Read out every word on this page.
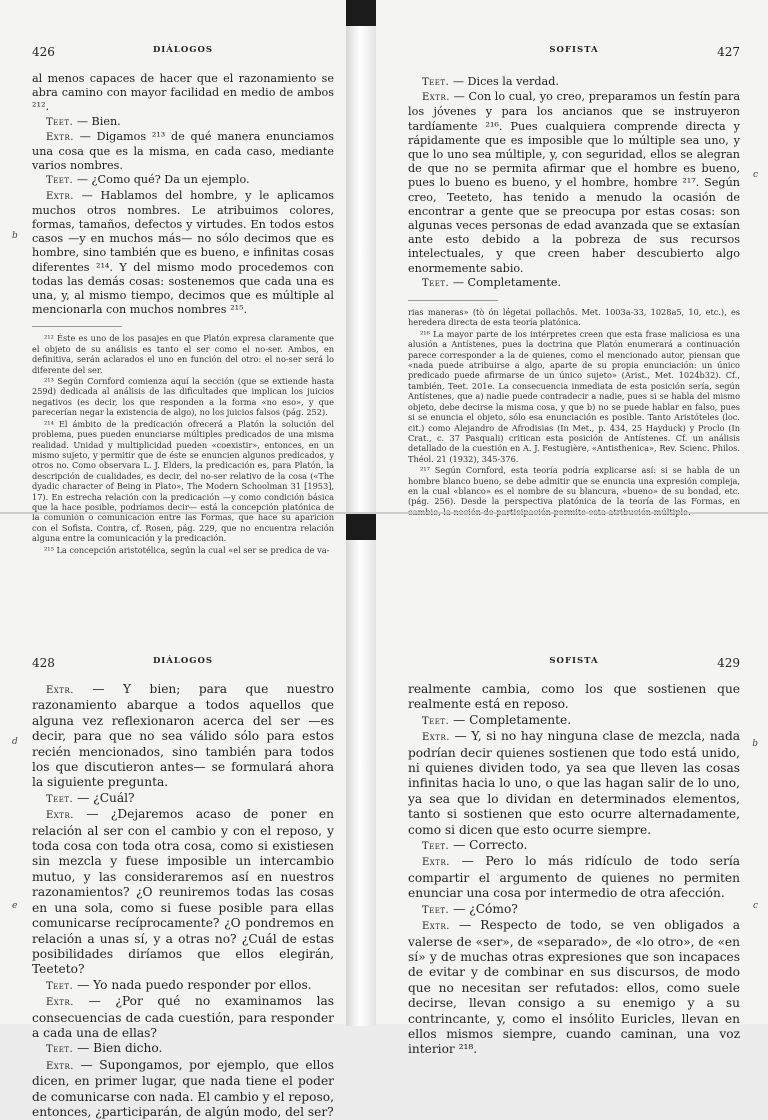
426	DIÁLOGOS

al menos capaces de hacer que el razonamiento se abra camino con mayor facilidad en medio de ambos ²¹².

Teet. — Bien.

Extr. — Digamos ²¹³ de qué manera enunciamos una cosa que es la misma, en cada caso, mediante varios nombres.

Teet. — ¿Como qué? Da un ejemplo.

Extr. — Hablamos del hombre, y le aplicamos muchos otros nombres. Le atribuimos colores, formas, tamaños, defectos y virtudes. En todos estos casos —y en muchos más— no sólo decimos que es hombre, sino también que es bueno, e infinitas cosas diferentes ²¹⁴. Y del mismo modo procedemos con todas las demás cosas: sostenemos que cada una es una, y, al mismo tiempo, decimos que es múltiple al mencionarla con muchos nombres ²¹⁵.

²¹² Éste es uno de los pasajes en que Platón expresa claramente que el objeto de su análisis es tanto el ser como el no-ser. Ambos, en definitiva, serán aclarados el uno en función del otro: el no-ser será lo diferente del ser.

²¹³ Según Cornford comienza aquí la sección (que se extiende hasta 259d) dedicada al análisis de las dificultades que implican los juicios negativos (es decir, los que responden a la forma «no eso», y que parecerían negar la existencia de algo), no los juicios falsos (pág. 252).

²¹⁴ El ámbito de la predicación ofrecerá a Platón la solución del problema, pues pueden enunciarse múltiples predicados de una misma realidad. Unidad y multiplicidad pueden «coexistir», entonces, en un mismo sujeto, y permitir que de éste se enuncien algunos predicados, y otros no. Como observara L. J. Elders, la predicación es, para Platón, la descripción de cualidades, es decir, del no-ser relativo de la cosa («The dyadic character of Being in Plato», The Modern Schoolman 31 [1953], 17). En estrecha relación con la predicación —y como condición básica que la hace posible, podríamos decir— está la concepción platónica de la comunión o comunicación entre las Formas, que hace su aparición con el Sofista. Contra, cf. Rosen, pág. 229, que no encuentra relación alguna entre la comunicación y la predicación.

²¹⁵ La concepción aristotélica, según la cual «el ser se predica de va-

b
SOFISTA	427

Teet. — Dices la verdad.

Extr. — Con lo cual, yo creo, preparamos un festín para los jóvenes y para los ancianos que se instruyeron tardíamente ²¹⁶. Pues cualquiera comprende directa y rápidamente que es imposible que lo múltiple sea uno, y que lo uno sea múltiple, y, con seguridad, ellos se alegran de que no se permita afirmar que el hombre es bueno, pues lo bueno es bueno, y el hombre, hombre ²¹⁷. Según creo, Teeteto, has tenido a menudo la ocasión de encontrar a gente que se preocupa por estas cosas: son algunas veces personas de edad avanzada que se extasían ante esto debido a la pobreza de sus recursos intelectuales, y que creen haber descubierto algo enormemente sabio.

Teet. — Completamente.

rias maneras» (tò ón légetai pollachôs. Met. 1003a-33, 1028a5, 10, etc.), es heredera directa de esta teoría platónica.

²¹⁶ La mayor parte de los intérpretes creen que esta frase maliciosa es una alusión a Antístenes, pues la doctrina que Platón enumerará a continuación parece corresponder a la de quienes, como el mencionado autor, piensan que «nada puede atribuirse a algo, aparte de su propia enunciación: un único predicado puede afirmarse de un único sujeto» (Arist., Met. 1024b32). Cf., también, Teet. 201e. La consecuencia inmediata de esta posición sería, según Antístenes, que a) nadie puede contradecir a nadie, pues si se habla del mismo objeto, debe decirse la misma cosa, y que b) no se puede hablar en falso, pues si se enuncia el objeto, sólo esa enunciación es posible. Tanto Aristóteles (loc. cit.) como Alejandro de Afrodisias (In Met., p. 434, 25 Hayduck) y Proclo (In Crat., c. 37 Pasquali) critican esta posición de Antístenes. Cf. un análisis detallado de la cuestión en A. J. Festugière, «Antisthenica», Rev. Scienc. Philos. Théol. 21 (1932), 345-376.

²¹⁷ Según Cornford, esta teoría podría explicarse así: si se habla de un hombre blanco bueno, se debe admitir que se enuncia una expresión compleja, en la cual «blanco» es el nombre de su blancura, «bueno» de su bondad, etc. (pág. 256). Desde la perspectiva platónica de la teoría de las Formas, en cambio, la noción de participación permite esta atribución múltiple.

c
428	DIÁLOGOS

Extr. — Y bien; para que nuestro razonamiento abarque a todos aquellos que alguna vez reflexionaron acerca del ser —es decir, para que no sea válido sólo para estos recién mencionados, sino también para todos los que discutieron antes— se formulará ahora la siguiente pregunta.

Teet. — ¿Cuál?

Extr. — ¿Dejaremos acaso de poner en relación al ser con el cambio y con el reposo, y toda cosa con toda otra cosa, como si existiesen sin mezcla y fuese imposible un intercambio mutuo, y las consideraremos así en nuestros razonamientos? ¿O reuniremos todas las cosas en una sola, como si fuese posible para ellas comunicarse recíprocamente? ¿O pondremos en relación a unas sí, y a otras no? ¿Cuál de estas posibilidades diríamos que ellos elegirán, Teeteto?

Teet. — Yo nada puedo responder por ellos.

Extr. — ¿Por qué no examinamos las consecuencias de cada cuestión, para responder a cada una de ellas?

Teet. — Bien dicho.

Extr. — Supongamos, por ejemplo, que ellos dicen, en primer lugar, que nada tiene el poder de comunicarse con nada. El cambio y el reposo, entonces, ¿participarán, de algún modo, del ser?

d
e
SOFISTA	429

realmente cambia, como los que sostienen que realmente está en reposo.

Teet. — Completamente.

Extr. — Y, si no hay ninguna clase de mezcla, nada podrían decir quienes sostienen que todo está unido, ni quienes dividen todo, ya sea que lleven las cosas infinitas hacia lo uno, o que las hagan salir de lo uno, ya sea que lo dividan en determinados elementos, tanto si sostienen que esto ocurre alternadamente, como si dicen que esto ocurre siempre.

Teet. — Correcto.

Extr. — Pero lo más ridículo de todo sería compartir el argumento de quienes no permiten enunciar una cosa por intermedio de otra afección.

Teet. — ¿Cómo?

Extr. — Respecto de todo, se ven obligados a valerse de «ser», de «separado», de «lo otro», de «en sí» y de muchas otras expresiones que son incapaces de evitar y de combinar en sus discursos, de modo que no necesitan ser refutados: ellos, como suele decirse, llevan consigo a su enemigo y a su contrincante, y, como el insólito Euricles, llevan en ellos mismos siempre, cuando caminan, una voz interior ²¹⁸.

b
c
